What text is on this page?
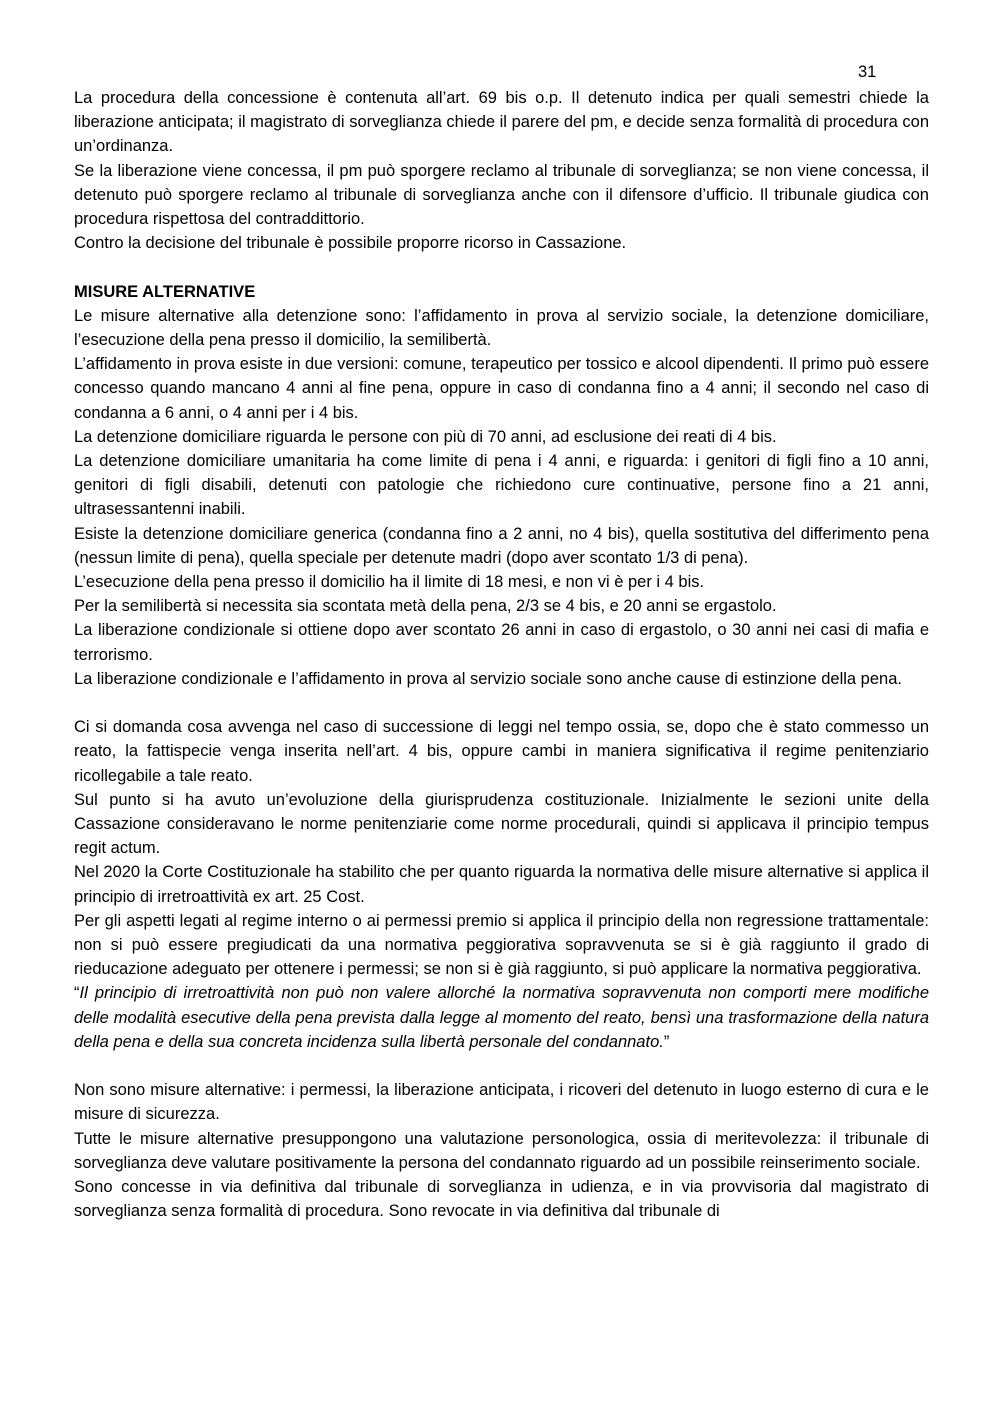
31

La procedura della concessione è contenuta all’art. 69 bis o.p. Il detenuto indica per quali semestri chiede la liberazione anticipata; il magistrato di sorveglianza chiede il parere del pm, e decide senza formalità di procedura con un’ordinanza.

Se la liberazione viene concessa, il pm può sporgere reclamo al tribunale di sorveglianza; se non viene concessa, il detenuto può sporgere reclamo al tribunale di sorveglianza anche con il difensore d’ufficio. Il tribunale giudica con procedura rispettosa del contraddittorio.

Contro la decisione del tribunale è possibile proporre ricorso in Cassazione.

MISURE ALTERNATIVE

Le misure alternative alla detenzione sono: l’affidamento in prova al servizio sociale, la detenzione domiciliare, l’esecuzione della pena presso il domicilio, la semilibertà.

L’affidamento in prova esiste in due versioni: comune, terapeutico per tossico e alcool dipendenti. Il primo può essere concesso quando mancano 4 anni al fine pena, oppure in caso di condanna fino a 4 anni; il secondo nel caso di condanna a 6 anni, o 4 anni per i 4 bis.

La detenzione domiciliare riguarda le persone con più di 70 anni, ad esclusione dei reati di 4 bis.

La detenzione domiciliare umanitaria ha come limite di pena i 4 anni, e riguarda: i genitori di figli fino a 10 anni, genitori di figli disabili, detenuti con patologie che richiedono cure continuative, persone fino a 21 anni, ultrasessantenni inabili.

Esiste la detenzione domiciliare generica (condanna fino a 2 anni, no 4 bis), quella sostitutiva del differimento pena (nessun limite di pena), quella speciale per detenute madri (dopo aver scontato 1/3 di pena).

L’esecuzione della pena presso il domicilio ha il limite di 18 mesi, e non vi è per i 4 bis.

Per la semilibertà si necessita sia scontata metà della pena, 2/3 se 4 bis, e 20 anni se ergastolo.

La liberazione condizionale si ottiene dopo aver scontato 26 anni in caso di ergastolo, o 30 anni nei casi di mafia e terrorismo.

La liberazione condizionale e l’affidamento in prova al servizio sociale sono anche cause di estinzione della pena.

Ci si domanda cosa avvenga nel caso di successione di leggi nel tempo ossia, se, dopo che è stato commesso un reato, la fattispecie venga inserita nell’art. 4 bis, oppure cambi in maniera significativa il regime penitenziario ricollegabile a tale reato.

Sul punto si ha avuto un’evoluzione della giurisprudenza costituzionale. Inizialmente le sezioni unite della Cassazione consideravano le norme penitenziarie come norme procedurali, quindi si applicava il principio tempus regit actum.

Nel 2020 la Corte Costituzionale ha stabilito che per quanto riguarda la normativa delle misure alternative si applica il principio di irretroattività ex art. 25 Cost.

Per gli aspetti legati al regime interno o ai permessi premio si applica il principio della non regressione trattamentale: non si può essere pregiudicati da una normativa peggiorativa sopravvenuta se si è già raggiunto il grado di rieducazione adeguato per ottenere i permessi; se non si è già raggiunto, si può applicare la normativa peggiorativa.

“Il principio di irretroattività non può non valere allorché la normativa sopravvenuta non comporti mere modifiche delle modalità esecutive della pena prevista dalla legge al momento del reato, bensì una trasformazione della natura della pena e della sua concreta incidenza sulla libertà personale del condannato.”

Non sono misure alternative: i permessi, la liberazione anticipata, i ricoveri del detenuto in luogo esterno di cura e le misure di sicurezza.

Tutte le misure alternative presuppongono una valutazione personologica, ossia di meritevolezza: il tribunale di sorveglianza deve valutare positivamente la persona del condannato riguardo ad un possibile reinserimento sociale.

Sono concesse in via definitiva dal tribunale di sorveglianza in udienza, e in via provvisoria dal magistrato di sorveglianza senza formalità di procedura. Sono revocate in via definitiva dal tribunale di
